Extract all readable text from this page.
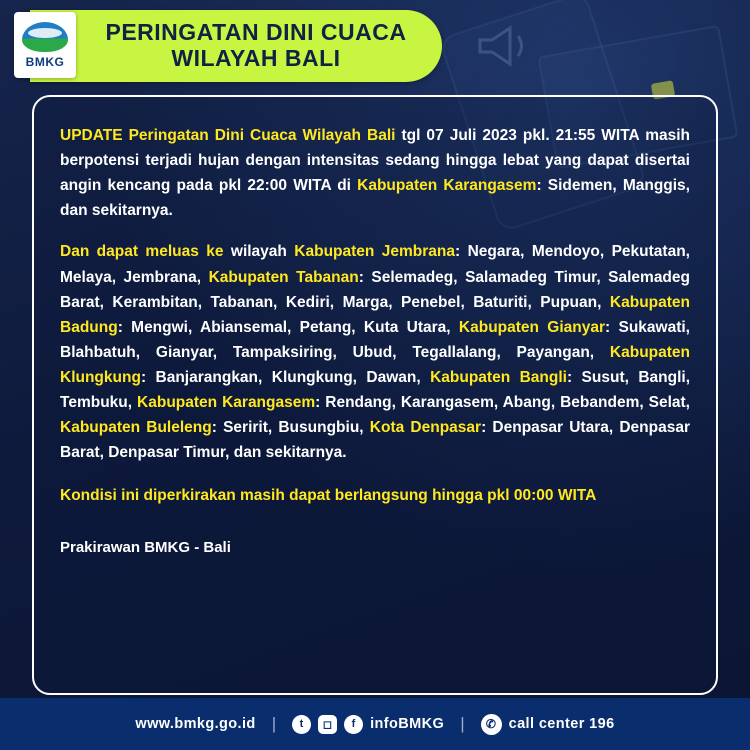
PERINGATAN DINI CUACA
WILAYAH BALI
BMKG

UPDATE Peringatan Dini Cuaca Wilayah Bali tgl 07 Juli 2023 pkl. 21:55 WITA masih berpotensi terjadi hujan dengan intensitas sedang hingga lebat yang dapat disertai angin kencang pada pkl 22:00 WITA di Kabupaten Karangasem: Sidemen, Manggis, dan sekitarnya.

Dan dapat meluas ke wilayah Kabupaten Jembrana: Negara, Mendoyo, Pekutatan, Melaya, Jembrana, Kabupaten Tabanan: Selemadeg, Salamadeg Timur, Salemadeg Barat, Kerambitan, Tabanan, Kediri, Marga, Penebel, Baturiti, Pupuan, Kabupaten Badung: Mengwi, Abiansemal, Petang, Kuta Utara, Kabupaten Gianyar: Sukawati, Blahbatuh, Gianyar, Tampaksiring, Ubud, Tegallalang, Payangan, Kabupaten Klungkung: Banjarangkan, Klungkung, Dawan, Kabupaten Bangli: Susut, Bangli, Tembuku, Kabupaten Karangasem: Rendang, Karangasem, Abang, Bebandem, Selat, Kabupaten Buleleng: Seririt, Busungbiu, Kota Denpasar: Denpasar Utara, Denpasar Barat, Denpasar Timur, dan sekitarnya.

Kondisi ini diperkirakan masih dapat berlangsung hingga pkl 00:00 WITA

Prakirawan BMKG - Bali

www.bmkg.go.id |	t	◻	f infoBMKG |	✆ call center 196
